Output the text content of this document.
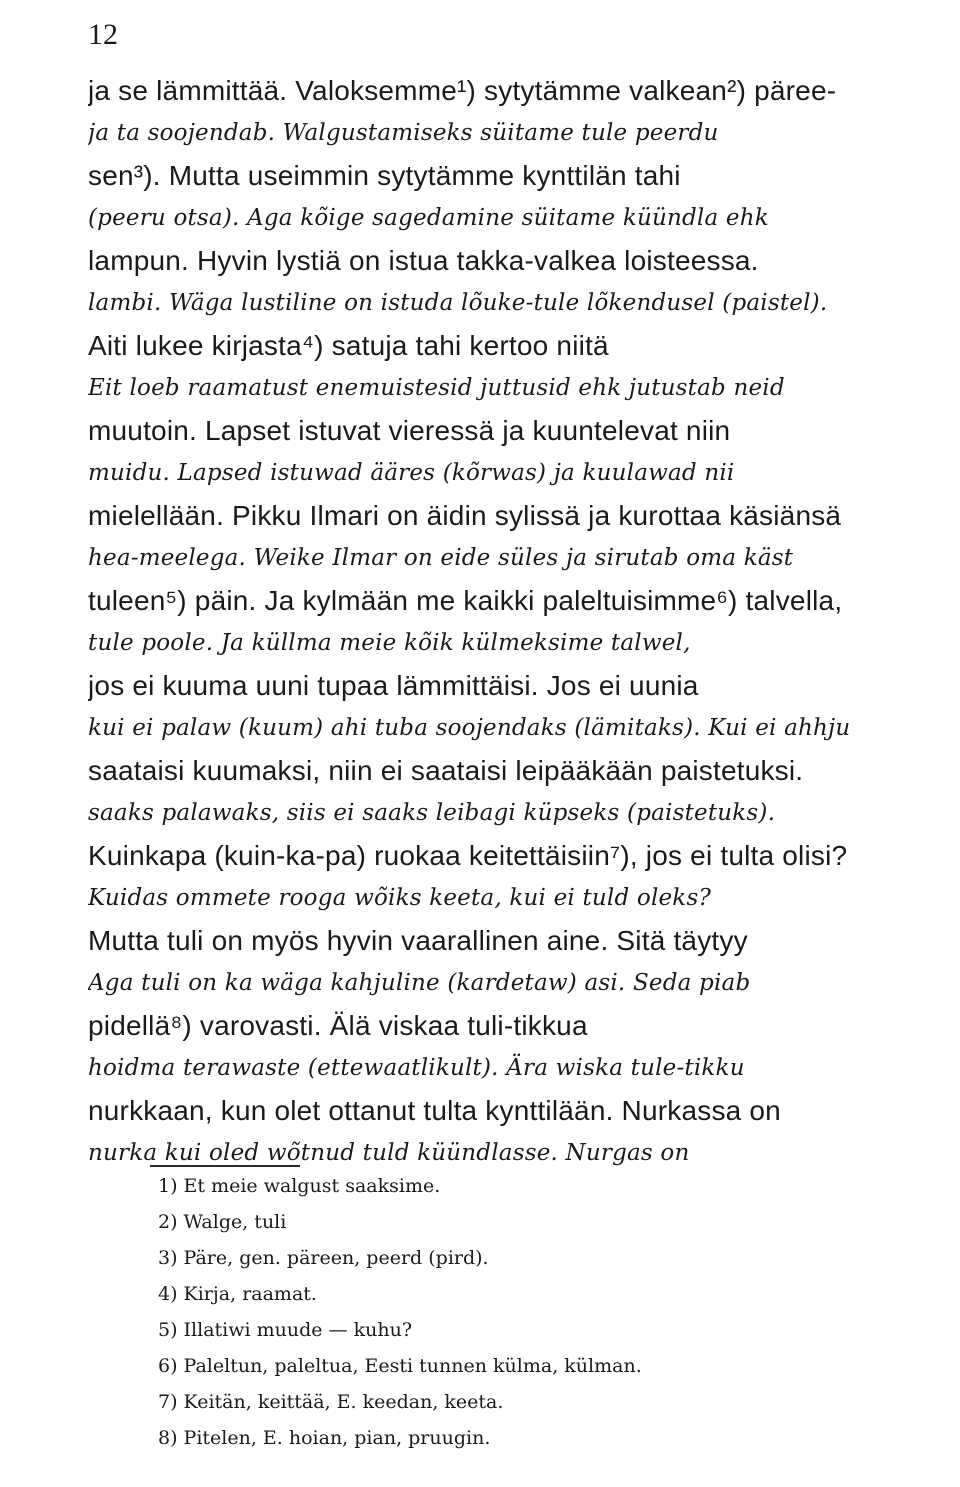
12
ja se lämmittää. Valoksemme¹) sytytämme valkean²) päree-
ja ta soojendab. Walgustamiseks süitame tule peerdu
sen³). Mutta useimmin sytytämme kynttilän tahi
(peeru otsa). Aga kõige sagedamine süitame küündla ehk
lampun. Hyvin lystiä on istua takka-valkea loisteessa.
lambi. Wäga lustiline on istuda lõuke-tule lõkendusel (paistel).
Aiti lukee kirjasta⁴) satuja tahi kertoo niitä
Eit loeb raamatust enemuistesid juttusid ehk jutustab neid
muutoin. Lapset istuvat vieressä ja kuuntelevat niin
muidu. Lapsed istuwad ääres (kõrwas) ja kuulawad nii
mielellään. Pikku Ilmari on äidin sylissä ja kurottaa käsiänsä
hea-meelega. Weike Ilmar on eide süles ja sirutab oma käst
tuleen⁵) päin. Ja kylmään me kaikki paleltuisimme⁶) talvella,
tule poole. Ja küllma meie kõik külmeksime talwel,
jos ei kuuma uuni tupaa lämmittäisi. Jos ei uunia
kui ei palaw (kuum) ahi tuba soojendaks (lämitaks). Kui ei ahhju
saataisi kuumaksi, niin ei saataisi leipääkään paistetuksi.
saaks palawaks, siis ei saaks leibagi küpseks (paistetuks).
Kuinkapa (kuin-ka-pa) ruokaa keitettäisiin⁷), jos ei tulta olisi?
Kuidas ommete rooga wõiks keeta, kui ei tuld oleks?
Mutta tuli on myös hyvin vaarallinen aine. Sitä täytyy
Aga tuli on ka wäga kahjuline (kardetaw) asi. Seda piab
pidellä⁸) varovasti. Älä viskaa tuli-tikkua
hoidma terawaste (ettewaatlikult). Ära wiska tule-tikku
nurkkaan, kun olet ottanut tulta kynttilään. Nurkassa on
nurka kui oled wõtnud tuld küündlasse. Nurgas on
1) Et meie walgust saaksime.
2) Walge, tuli
3) Päre, gen. päreen, peerd (pird).
4) Kirja, raamat.
5) Illatiwi muude — kuhu?
6) Paleltun, paleltua, Eesti tunnen külma, külman.
7) Keitän, keittää, E. keedan, keeta.
8) Pitelen, E. hoian, pian, pruugin.
